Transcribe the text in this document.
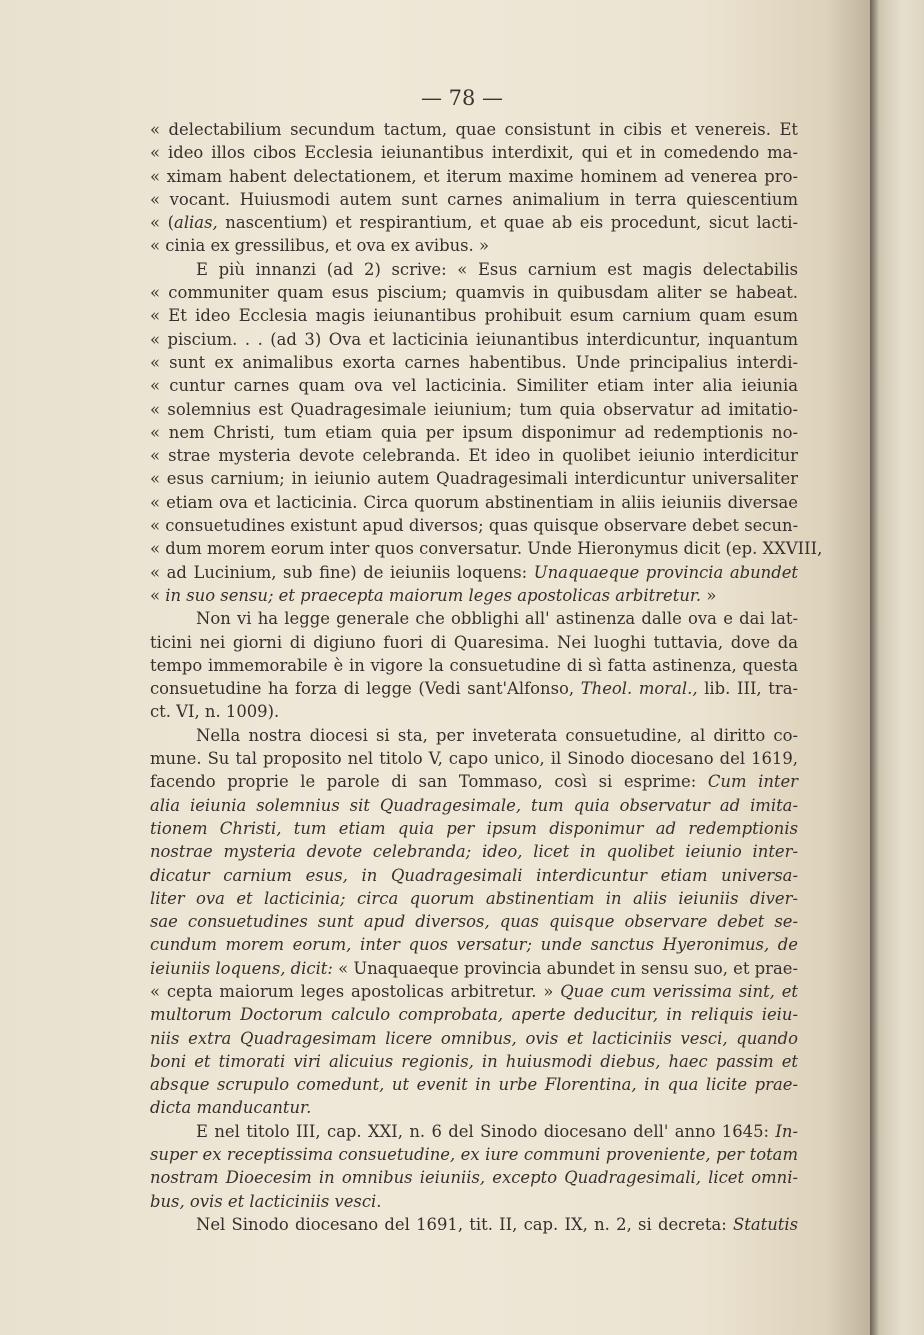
— 78 —
« delectabilium secundum tactum, quae consistunt in cibis et venereis. Et
« ideo illos cibos Ecclesia ieiunantibus interdixit, qui et in comedendo ma-
« ximam habent delectationem, et iterum maxime hominem ad venerea pro-
« vocant. Huiusmodi autem sunt carnes animalium in terra quiescentium
« (alias, nascentium) et respirantium, et quae ab eis procedunt, sicut lacti-
« cinia ex gressilibus, et ova ex avibus. »
E più innanzi (ad 2) scrive: « Esus carnium est magis delectabilis
« communiter quam esus piscium; quamvis in quibusdam aliter se habeat.
« Et ideo Ecclesia magis ieiunantibus prohibuit esum carnium quam esum
« piscium. . . (ad 3) Ova et lacticinia ieiunantibus interdicuntur, inquantum
« sunt ex animalibus exorta carnes habentibus. Unde principalius interdi-
« cuntur carnes quam ova vel lacticinia. Similiter etiam inter alia ieiunia
« solemnius est Quadragesimale ieiunium; tum quia observatur ad imitatio-
« nem Christi, tum etiam quia per ipsum disponimur ad redemptionis no-
« strae mysteria devote celebranda. Et ideo in quolibet ieiunio interdicitur
« esus carnium; in ieiunio autem Quadragesimali interdicuntur universaliter
« etiam ova et lacticinia. Circa quorum abstinentiam in aliis ieiuniis diversae
« consuetudines existunt apud diversos; quas quisque observare debet secun-
« dum morem eorum inter quos conversatur. Unde Hieronymus dicit (ep. XXVIII,
« ad Lucinium, sub fine) de ieiuniis loquens: Unaquaeque provincia abundet
« in suo sensu; et praecepta maiorum leges apostolicas arbitretur. »
Non vi ha legge generale che obblighi all' astinenza dalle ova e dai lat-
ticini nei giorni di digiuno fuori di Quaresima. Nei luoghi tuttavia, dove da
tempo immemorabile è in vigore la consuetudine di sì fatta astinenza, questa
consuetudine ha forza di legge (Vedi sant'Alfonso, Theol. moral., lib. III, tra-
ct. VI, n. 1009).
Nella nostra diocesi si sta, per inveterata consuetudine, al diritto co-
mune. Su tal proposito nel titolo V, capo unico, il Sinodo diocesano del 1619,
facendo proprie le parole di san Tommaso, così si esprime: Cum inter
alia ieiunia solemnius sit Quadragesimale, tum quia observatur ad imita-
tionem Christi, tum etiam quia per ipsum disponimur ad redemptionis
nostrae mysteria devote celebranda; ideo, licet in quolibet ieiunio inter-
dicatur carnium esus, in Quadragesimali interdicuntur etiam universa-
liter ova et lacticinia; circa quorum abstinentiam in aliis ieiuniis diver-
sae consuetudines sunt apud diversos, quas quisque observare debet se-
cundum morem eorum, inter quos versatur; unde sanctus Hyeronimus, de
ieiuniis loquens, dicit: « Unaquaeque provincia abundet in sensu suo, et prae-
« cepta maiorum leges apostolicas arbitretur. » Quae cum verissima sint, et
multorum Doctorum calculo comprobata, aperte deducitur, in reliquis ieiu-
niis extra Quadragesimam licere omnibus, ovis et lacticiniis vesci, quando
boni et timorati viri alicuius regionis, in huiusmodi diebus, haec passim et
absque scrupulo comedunt, ut evenit in urbe Florentina, in qua licite prae-
dicta manducantur.
E nel titolo III, cap. XXI, n. 6 del Sinodo diocesano dell' anno 1645: In-
super ex receptissima consuetudine, ex iure communi proveniente, per totam
nostram Dioecesim in omnibus ieiuniis, excepto Quadragesimali, licet omni-
bus, ovis et lacticiniis vesci.
Nel Sinodo diocesano del 1691, tit. II, cap. IX, n. 2, si decreta: Statutis
